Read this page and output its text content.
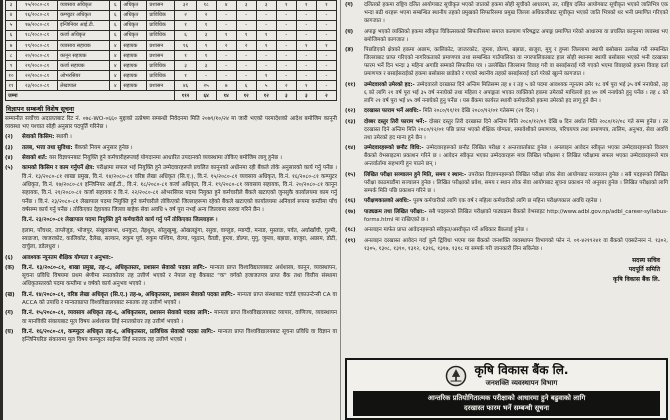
३	१५/२०८०-८१	व्यवसाय अधिकृत	६	अधिकृत	प्रशासन	३२	१८	४	३	३	१	१	१
४	१६/२०८०-८१	कम्प्युटर अधिकृत	६	अधिकृत	प्राविधिक	२	२	-	-	-	-	-	-
५	१७/२०८०-८१	इन्जिनियर आई.टी.	६	अधिकृत	प्राविधिक	१	१	-	-	-	-	-	-
६	१८/२०८०-८१	कर्जा अधिकृत	६	अधिकृत	प्राविधिक	६	३	१	१	१	-	-	-
७	१९/२०८०-८१	व्यवसाय सहायक	४	सहायक	प्रशासन	१६	९	२	२	१	-	१	१
८	२०/२०८०-८१	कानून सहायक	४	सहायक	प्रशासन	१	१	-	-	-	-	-	-
९	२१/२०८०-८१	कर्जा सहायक	४	सहायक	प्राविधिक	३	३	-	-	-	-	-	-
१०	२२/२०८०-८१	ओभरसियर	४	सहायक	प्राविधिक	१	-	-	-	१	-	-	-
११	२३/२०८०-८१	लेखापाल	४	सहायक	प्रशासन	४६	२५	७	६	५	२	१	-
जम्मा						११२	६४	१४	१२	१२	३	३	२
विज्ञापन सम्बन्धी विशेष सूचना
सम्मानीत सर्वोच्च अदालतबाट रिट नं. ०७८-WO-०६६० मुद्दाको उत्प्रेषण सम्बन्धी निवेदनमा मिति २०७९/१०/२४ मा जारी भएको परमादेशको आदेश बमोजिम कानूनी व्यवस्था भए पश्चात सोही अनुसार पदपूर्ति गरिनेछ ।
(२)	सेवाको किसिम: स्थायी ।
(३)	तलब, भत्ता तथा सुविधा: बैंकको नियम अनुसार हुनेछ ।
(४)	सेवाको शर्त: यस विज्ञापनबाट नियुक्ति हुने कर्मचारीहरूलाई योगदानमा आधारित उपदानको व्यवस्थामा तोकिए बमोजिम लागू हुनेछ ।
(५)	कामको किसिम र काम गर्नुपर्ने क्षेत्र: परीक्षामा सफल भई नियुक्ति हुने उम्मेदवारहरूले प्रचलित कानूनको अधीनमा रही बैंकले तोके अनुसारको कार्य गर्नु पर्नेछ । वि.नं. १३/२०८०-८१ शाखा प्रमुख, वि.नं. १४/२०८०-८१ वरिष्ठ लेखा अधिकृत (सि.ए.), वि.नं. १५/२०८०-८१ व्यवसाय अधिकृत, वि.नं. १६/२०८०-८१ कम्प्युटर अधिकृत, वि.नं. १७/२०८०-८१ इन्जिनियर आई.टी., वि.नं. १८/२०८०-८१ कर्जा अधिकृत, वि.नं. १९/२०८०-८१ व्यवसाय सहायक, वि.नं. २०/२०८०-८१ कानून सहायक, वि.नं. २१/२०८०-८१ कर्जा सहायक र वि.नं. २२/२०८०-८१ ओभरसियर पदमा नियुक्त हुने कर्मचारीले बैंकले खटाएको जुनसुकै कार्यालयमा काम गर्नु पर्नेछ । वि.नं. २३/२०८०-८१ लेखापाल पदमा नियुक्ति हुने कर्मचारीले तोकिएको जिल्लाहरूमा रहेको बैंकले खटाएको कार्यालयमा अनिवार्य रूपमा कम्तीमा पाँच वर्षसम्म कार्य गर्नु पर्नेछ । तोकिएका देहायका जिल्ला बाहेक सेवा अवधि ५ वर्ष पूरा नभई अन्य जिल्लामा सरुवा गरिने छैन ।
वि.नं. २३/२०८०-८१ लेखापाल पदमा नियुक्ति हुने कर्मचारीले कार्य गर्नु पर्ने तोकिएका जिल्लाहरू ।
इलाम, पाँचथर, ताप्लेजुङ, भोजपुर, संखुवासभा, धनकुटा, तेह्रथुम, सोलुखुम्बु, ओखलढुंगा, रसुवा, वाग्लुङ, म्याग्दी, मनाङ, मुस्ताङ, पर्वत, अर्घाखाँची, गुल्मी, स्याङजा, जाजरकोट, कालिकोट, दैलेख, सल्यान, रुकुम पूर्व, रुकुम पश्चिम, रोल्पा, प्यूठान, वैतडी, हुम्ला, डोल्पा, मुगु, जुम्ला, बझाङ, बाजुरा, अछाम, डोटी, दार्चुला, डडेलधुरा ।
(६)	आवश्यक न्यूनतम शैक्षिक योग्यता र अनुभव:-
(क)	वि.नं. १३/२०८०-८१, शाखा प्रमुख, तह-८, अधिकृतस्तर, प्रशासन सेवाको पदका लागि:- मान्यता प्राप्त विश्वविद्यालयबाट अर्थशास्त्र, कानून, व्यवस्थापन, सूचना प्रविधि विषयमा प्रथम श्रेणीमा स्नातकोत्तर तह उत्तीर्ण भएको र नेपाल राष्ट्र बैंकबाट "क" वर्गको इजाजतपत्र प्राप्त बैंक तथा वित्तीय संस्थामा अधिकृतस्तरको पदमा कम्तीमा ४ वर्षको कार्य अनुभव भएको ।
(ख)	वि.नं. १४/२०८०-८१, वरिष्ठ लेखा अधिकृत (सि.ए.) तह-७, अधिकृतस्तर, प्रशासन सेवाको पदका लागि:- मान्यता प्राप्त संस्थाबाट चार्टर्ड एकाउन्टेन्सी CA वा ACCA को उपाधि र मान्यताप्राप्त विश्वविद्यालयबाट स्नातक तह उत्तीर्ण भएको ।
(ग)	वि.नं. १५/२०८०-८१, व्यवसाय अधिकृत तह-६, अधिकृतस्तर, प्रशासन सेवाको पदका लागि:- मान्यता प्राप्त विश्वविद्यालयबाट व्यापार, वाणिज्य, व्यवस्थापन वा मानविकी संकायबाट मूल विषय अर्थशास्त्र लिई स्नातकोत्तर तह उत्तीर्ण भएको ।
(घ)	वि.नं. १६/२०८०-८१, कम्प्युटर अधिकृत तह-६, अधिकृतस्तर, प्राविधिक सेवाको पदका लागि:- मान्यता प्राप्त विश्वविद्यालयबाट सूचना प्रविधि वा विज्ञान वा इन्जिनियरिङ संकायमा मूल विषय कम्प्युटर साईन्स लिई स्नातक तह उत्तीर्ण भएको ।
(ग)	दलितको हकमा राष्ट्रिय दलित आयोगबाट सूचीकृत भएको जातको हकमा सोही सूचीको आधारमा, तर, राष्ट्रिय दलित आयोगबाट सूचीकृत भएको जातिभित्र एक भन्दा बढी थरहरू भएमा सम्बन्धित स्थानीय तहको प्रमुखको सिफारिसमा प्रमुख जिल्ला अधिकारीबाट सूचीकृत भएको जाति भित्रको थर भनी प्रमाणित गरिएको कागजात ।
(घ)	अपाङ्ग भएको व्यक्तिको हकमा स्वीकृत चिकित्सकको सिफारिसमा समाज कल्याण परिषद्बाट अपाङ्ग प्रमाणित गरेको आधारमा वा प्रचलित कानूनमा व्यवस्था भए बमोजिमको कागजात ।
(ङ)	पिछडिएको क्षेत्रको हकमा अछाम, कालिकोट, जाजरकोट, जुम्ला, डोल्पा, बझाङ, बाजुरा, मुगु र हुम्ला जिल्लामा स्थायी बसोबास उल्लेख गरी सम्बन्धित जिल्लाबाट प्राप्त गरिएको नागरिकताको प्रमाणपत्र तथा सम्बन्धित गाउँपालिका वा नगरपालिकाबाट हाल सोही स्थानमा स्थायी बसोबास भएको भनी दरखास्त फारम भर्ने दिन भन्दा ३ महिना अगाडि सम्मको सिफारिस पत्र । उल्लेखित जिल्लामा विवाह गरी वा बसाईसराई गरी गएको भएमा विवाहको हकमा विवाह दर्ता प्रमाणपत्र र बसाईसराईको हकमा बसोबास छाडेको र गएको स्थानीय तहको बसाईसराई दर्ता गरेको खुल्ने कागजात ।
(११)	उम्मेदवारको उमेरको हद:- उम्मेदवारले दरखास्त दिने अन्तिम मितिसम्म तह ४ र तह ५ को पदमा आवश्यक न्यूनतम उमेर १८ वर्ष पूरा भई ३५ वर्ष ननाघेको, तह ६ को लागि २१ वर्ष पूरा भई ३५ वर्ष ननाघेको तथा महिला र अपाङ्गता भएका व्यक्तिको हकमा उमेरको माथिल्लो हद ४० वर्ष ननाघेको हुनु पर्नेछ । तह ८ को लागि २१ वर्ष पूरा भई ४५ वर्ष ननाघेको हुनु पर्नेछ । यस बैंकमा कार्यरत स्थायी कर्मचारीको हकमा उमेरको हद लागू हुने छैन ।
(१२)	दरखास्त फाराम भर्ने अवधि:- मिति २०८०/११/११ देखि २०८०/१२/०१ गतेसम्म (२१ दिन) ।
(१३)	दोब्बर दस्तुर तिरी फाराम भर्ने:- दोब्बर दस्तुर तिरी दरखास्त दिने अन्तिम मिति २०८०/१२/०१ देखि ७ दिन अर्थात मिति २०८०/१२/०८ गते सम्म हुनेछ । तर दरखास्त दिने अन्तिम मिति २०८०/१२/०१ पछि प्राप्त भएको शैक्षिक योग्यता, समावेशीको प्रमाणपत्र, परिचयपत्र तथा प्रमाणपत्र, तालिम, अनुभव, सेवा अवधि तथा उमेरको हद मान्य हुने छैन ।
(१४)	उम्मेदवारहरूको छनौट विधि:- उम्मेदवारहरूको छनौट लिखित परीक्षा र अन्तरवार्ताबाट हुनेछ । अनलाइन आवेदन स्वीकृत भएका उम्मेदवारहरूको विवरण बैंकको वेभसाइटमा प्रकाशन गरिने छ । आवेदन स्वीकृत भएका उम्मेदवारहरू मात्र लिखित परीक्षामा र लिखित परीक्षामा सफल भएका उम्मेदवारहरूले मात्र अन्तर्वार्तामा सहभागी हुन पाउने छन् ।
(१५)	लिखित परीक्षा सञ्चालन हुने मिति, समय र स्थान:- उपरोक्त विज्ञापनहरूको लिखित परीक्षा लोक सेवा आयोगबाट सञ्चालन हुनेछ । सबै पदहरूको लिखित परीक्षा काठमाडौंमा सञ्चालन हुनेछ । लिखित परीक्षाको प्रवेश, समय र स्थान लोक सेवा आयोगबाट सूचना प्रकाशन गरे अनुसार हुनेछ । लिखित परीक्षाको लागि सम्पर्क मिति पछि प्रकाशन गरिने छ ।
(१६)	परीक्षणकालको अवधि:- पुरुष कर्मचारीको लागि एक वर्ष र महिला कर्मचारीको लागि छ महिना परीक्षणकाल अवधि रहनेछ ।
(१७)	पाठ्यक्रम तथा लिखित परीक्षा:- सबै पदहरूको लिखित परीक्षाको पाठ्यक्रम बैंकको वेभसाइट http://www.adbl.gov.np/adbl_career-syllabus-forms.html मा राखिएको छ ।
(१८)	अनलाइन मार्फत प्राप्त आवेदनहरूको स्वीकृत/अस्वीकृत गर्ने अधिकार बैंकलाई हुनेछ ।
(१९)	अनलाइन दरखास्त आवेदन गर्दा कुनै द्विविधा भएमा यस बैंकको जनशक्ति व्यवस्थापन विभागको फोन नं. ०१-४२१९२४१ वा बैंकको एक्सटेन्सन नं. १३०२, १३०५, १३०८, १३१०, १३१२, १३१६, १३१७, १३१८ मा सम्पर्क गरी जानकारी लिन सकिनेछ ।
सदस्य सचिव
पदपूर्ति समिति
कृषि विकास बैंक लि.
कृषि विकास बैंक लि.
जनशक्ति व्यवस्थापन विभाग
आन्तरिक प्रतियोगितात्मक परीक्षाको आधारमा हुने बढुवाको लागि
दरखास्त फारम भर्ने सम्बन्धी सूचना
